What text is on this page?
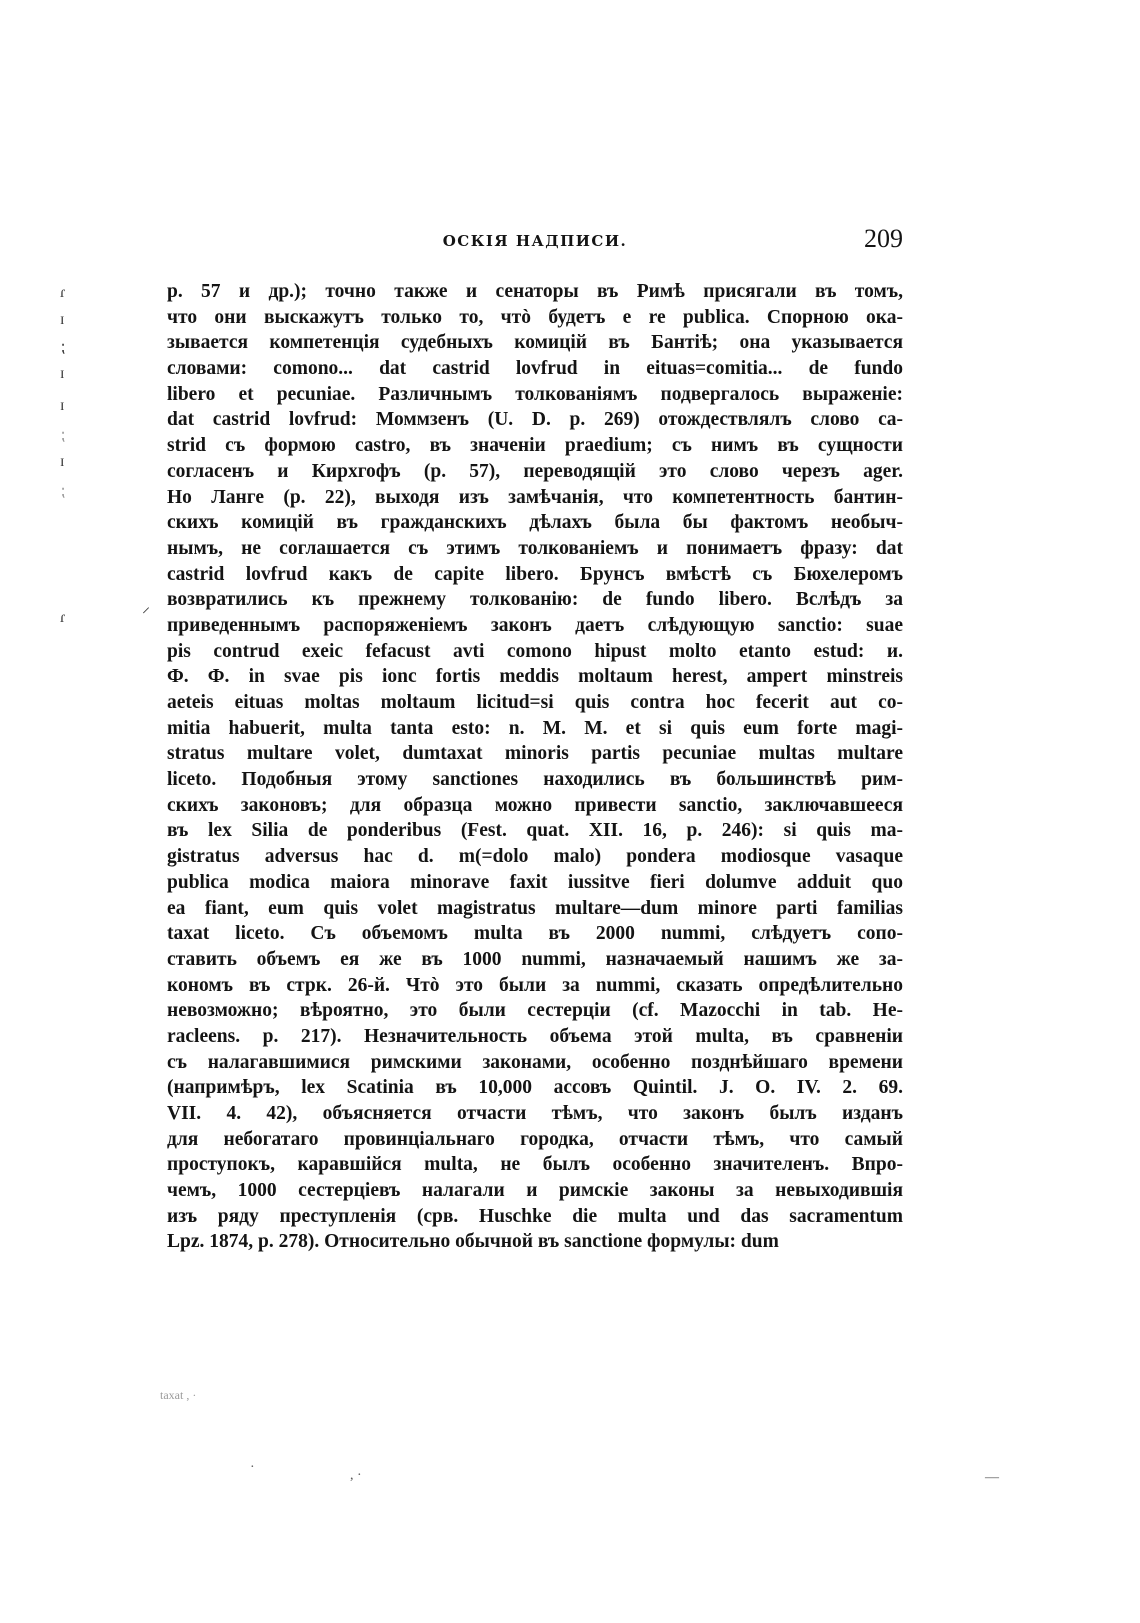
ɾ
ɪ
⁏
ɪ
ɪ
⁏
ɪ
⁏
ɾ
⸝
ОСКІЯ НАДПИСИ.	209
p. 57 и др.); точно также и сенаторы въ Римѣ присягали въ томъ,
что они выскажутъ только то, чтò будетъ е re publica. Спорною ока-
зывается компетенція судебныхъ комицій въ Бантіѣ; она указывается
словами: comono... dat castrid lovfrud in eituas=comitia... de fundo
libero et pecuniae. Различнымъ толкованіямъ подвергалось выраженіе:
dat castrid lovfrud: Моммзенъ (U. D. p. 269) отождествлялъ слово ca-
strid съ формою castro, въ значеніи praedium; съ нимъ въ сущности
согласенъ и Кирхгофъ (p. 57), переводящій это слово черезъ ager.
Но Ланге (p. 22), выходя изъ замѣчанія, что компетентность бантин-
скихъ комицій въ гражданскихъ дѣлахъ была бы фактомъ необыч-
нымъ, не соглашается съ этимъ толкованіемъ и понимаетъ фразу: dat
castrid lovfrud какъ de capite libero. Брунсъ вмѣстѣ съ Бюхелеромъ
возвратились къ прежнему толкованію: de fundo libero. Вслѣдъ за
приведеннымъ распоряженіемъ законъ даетъ слѣдующую sanctio: suae
pis contrud exeic fefacust avti comono hipust molto etanto estud: и.
Ф. Ф. in svae pis ionc fortis meddis moltaum herest, ampert minstreis
aeteis eituas moltas moltaum licitud=si quis contra hoc fecerit aut co-
mitia habuerit, multa tanta esto: n. M. M. et si quis eum forte magi-
stratus multare volet, dumtaxat minoris partis pecuniae multas multare
liceto. Подобныя этому sanctiones находились въ большинствѣ рим-
скихъ законовъ; для образца можно привести sanctio, заключавшееся
въ lex Silia de ponderibus (Fest. quat. XII. 16, p. 246): si quis ma-
gistratus adversus hac d. m(=dolo malo) pondera modiosque vasaque
publica modica maiora minorave faxit iussitve fieri dolumve adduit quo
ea fiant, eum quis volet magistratus multare—dum minore parti familias
taxat liceto. Съ объемомъ multa въ 2000 nummi, слѣдуетъ сопо-
ставить объемъ ея же въ 1000 nummi, назначаемый нашимъ же за-
кономъ въ стрк. 26-й. Чтò это были за nummi, сказать опредѣлительно
невозможно; вѣроятно, это были сестерціи (cf. Mazocchi in tab. He-
racleens. p. 217). Незначительность объема этой multa, въ сравненіи
съ налагавшимися римскими законами, особенно позднѣйшаго времени
(напримѣръ, lex Scatinia въ 10,000 ассовъ Quintil. J. O. IV. 2. 69.
VII. 4. 42), объясняется отчасти тѣмъ, что законъ былъ изданъ
для небогатаго провинціальнаго городка, отчасти тѣмъ, что самый
проступокъ, каравшійся multa, не былъ особенно значителенъ. Впро-
чемъ, 1000 сестерціевъ налагали и римскіе законы за невыходившія
изъ ряду преступленія (срв. Huschke die multa und das sacramentum
Lpz. 1874, p. 278). Относительно обычной въ sanctione формулы: dum
taxat , ·
, ·
·
—
